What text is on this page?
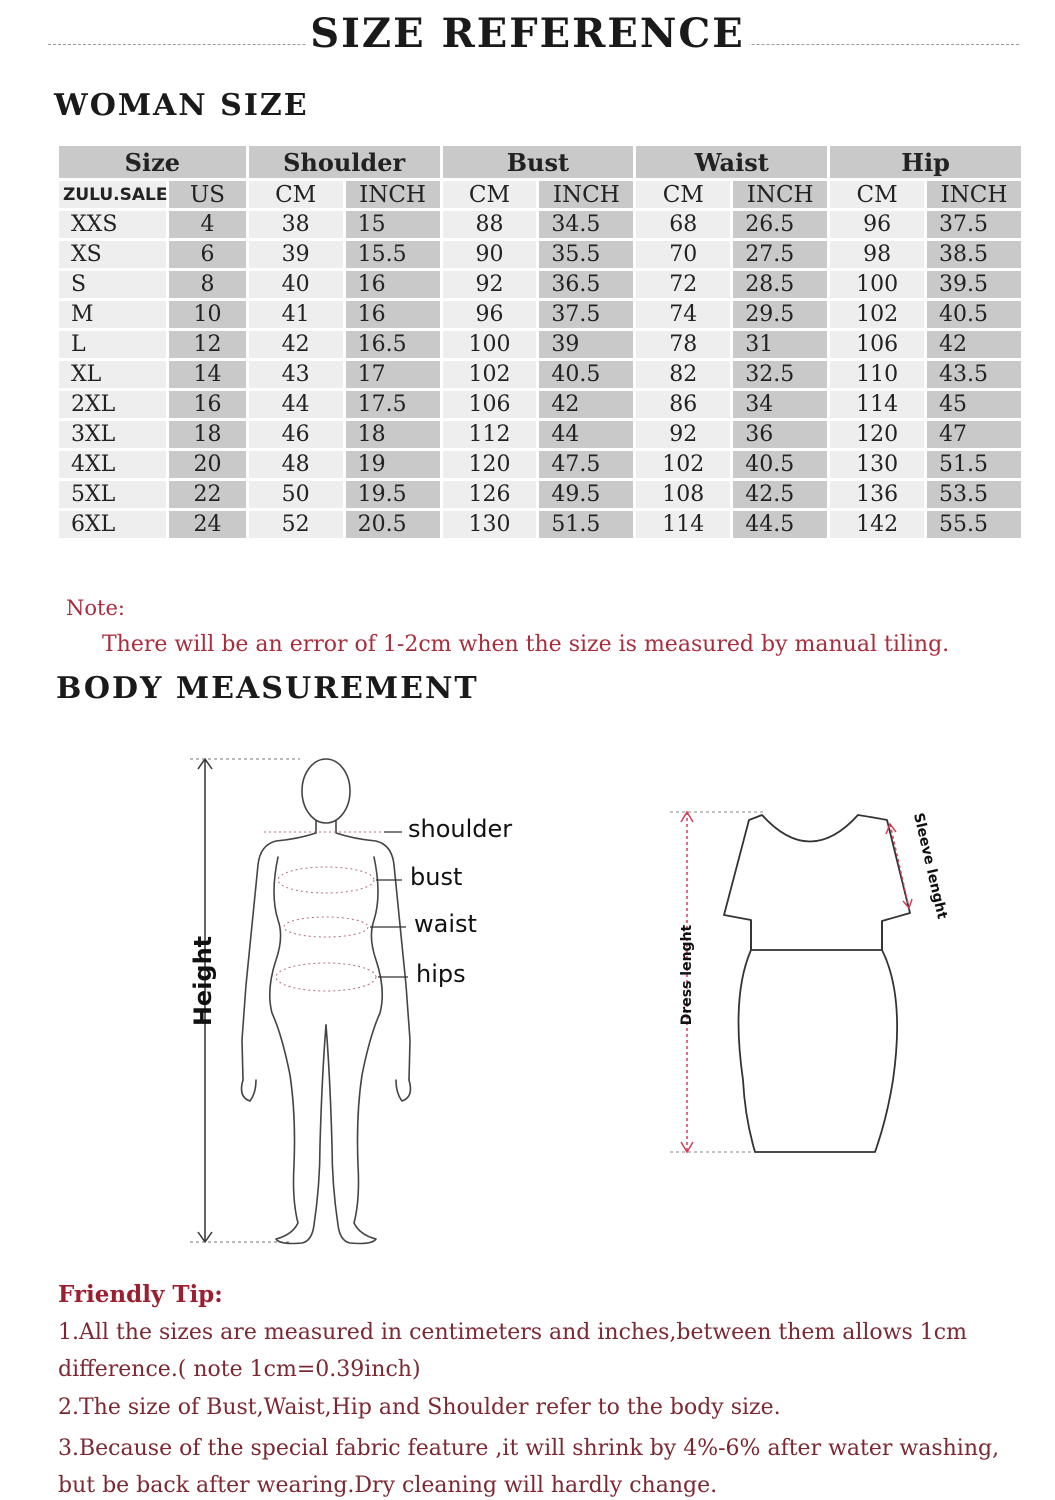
SIZE REFERENCE
WOMAN SIZE
Size		Shoulder		Bust		Waist		Hip	
ZULU.SALE	US	CM	INCH	CM	INCH	CM	INCH	CM	INCH
XXS	4	38	15	88	34.5	68	26.5	96	37.5
XS	6	39	15.5	90	35.5	70	27.5	98	38.5
S	8	40	16	92	36.5	72	28.5	100	39.5
M	10	41	16	96	37.5	74	29.5	102	40.5
L	12	42	16.5	100	39	78	31	106	42
XL	14	43	17	102	40.5	82	32.5	110	43.5
2XL	16	44	17.5	106	42	86	34	114	45
3XL	18	46	18	112	44	92	36	120	47
4XL	20	48	19	120	47.5	102	40.5	130	51.5
5XL	22	50	19.5	126	49.5	108	42.5	136	53.5
6XL	24	52	20.5	130	51.5	114	44.5	142	55.5
Note:
There will be an error of 1-2cm when the size is measured by manual tiling.
BODY MEASUREMENT
shoulder
bust
waist
hips
Height	Dress lenght
Sleeve lenght
Friendly Tip:
1.All the sizes are measured in centimeters and inches,between them allows 1cm
difference.( note 1cm=0.39inch)
2.The size of Bust,Waist,Hip and Shoulder refer to the body size.
3.Because of the special fabric feature ,it will shrink by 4%-6% after water washing,
but be back after wearing.Dry cleaning will hardly change.
